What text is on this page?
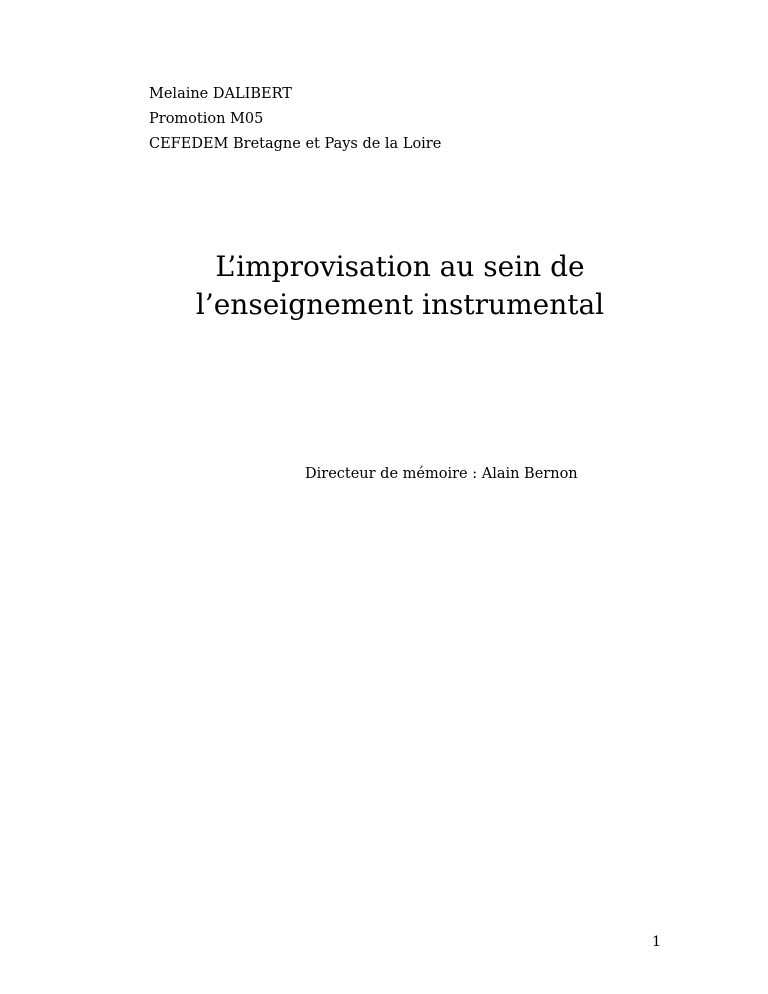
Melaine DALIBERT
Promotion M05
CEFEDEM Bretagne et Pays de la Loire
L’improvisation au sein de
l’enseignement instrumental
Directeur de mémoire : Alain Bernon
1
